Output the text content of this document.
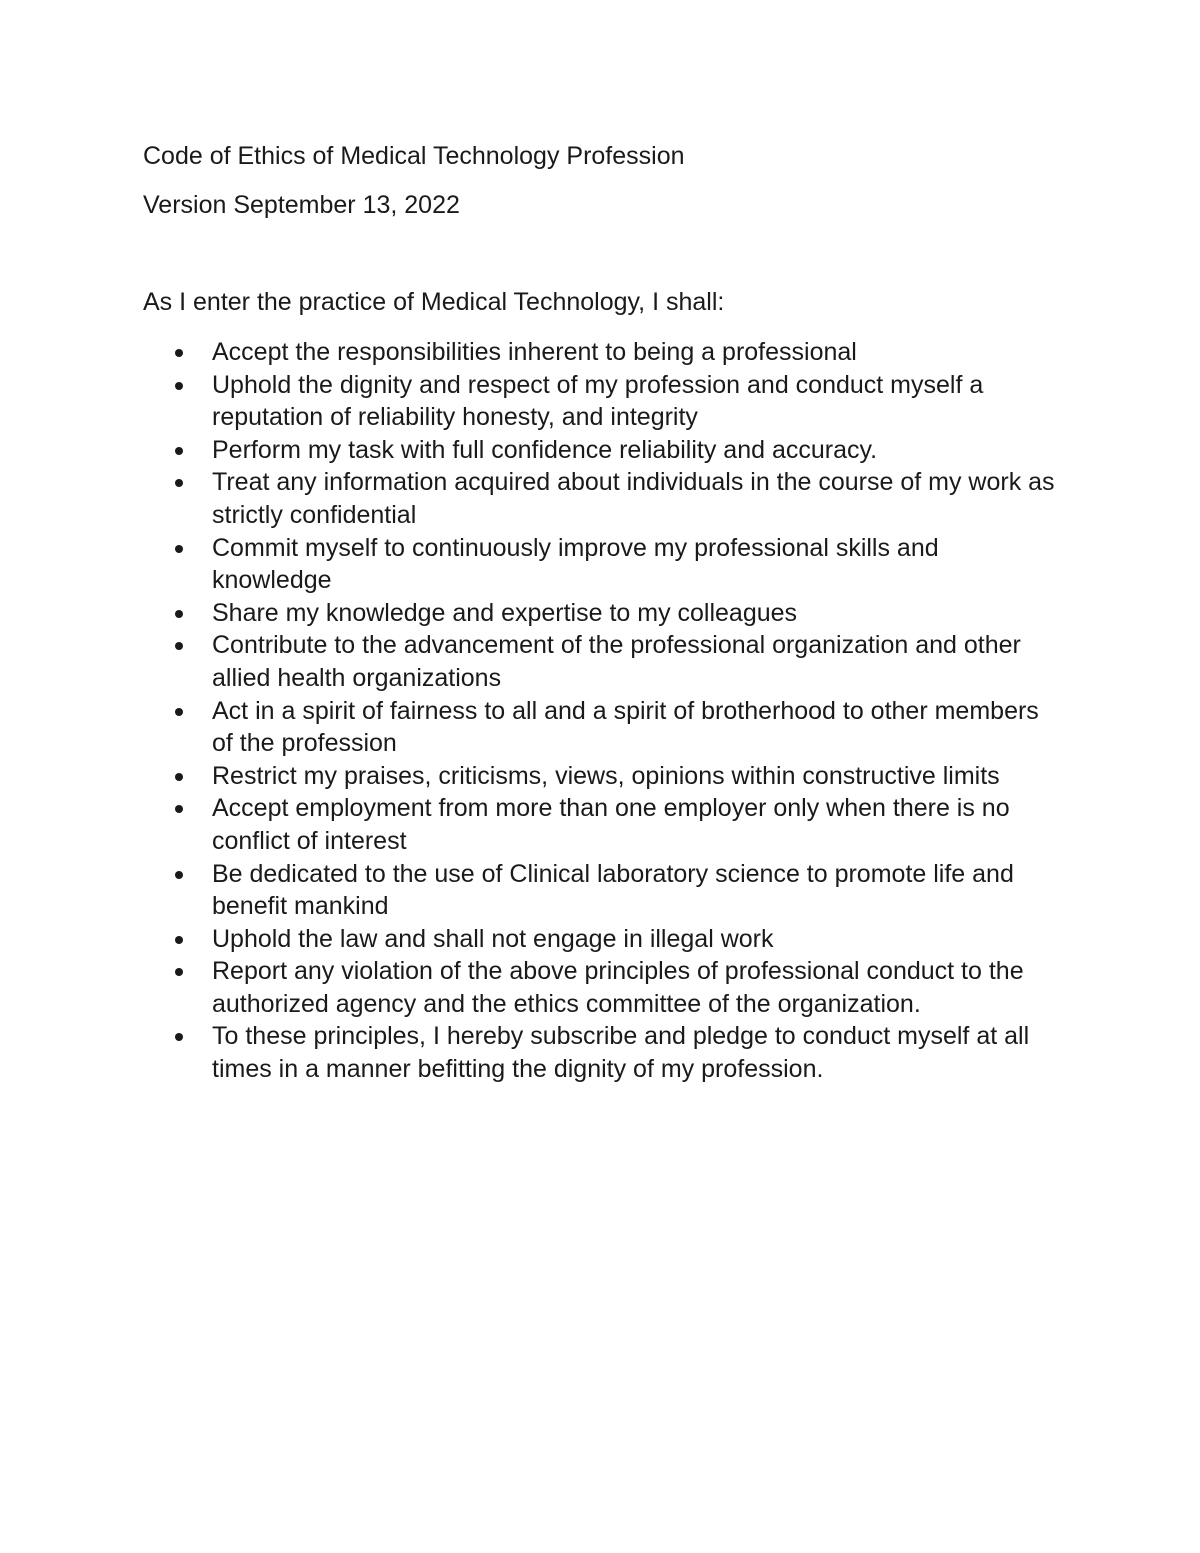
Code of Ethics of Medical Technology Profession

Version September 13, 2022

As I enter the practice of Medical Technology, I shall:

Accept the responsibilities inherent to being a professional
Uphold the dignity and respect of my profession and conduct myself a reputation of reliability honesty, and integrity
Perform my task with full confidence reliability and accuracy.
Treat any information acquired about individuals in the course of my work as strictly confidential
Commit myself to continuously improve my professional skills and knowledge
Share my knowledge and expertise to my colleagues
Contribute to the advancement of the professional organization and other allied health organizations
Act in a spirit of fairness to all and a spirit of brotherhood to other members of the profession
Restrict my praises, criticisms, views, opinions within constructive limits
Accept employment from more than one employer only when there is no conflict of interest
Be dedicated to the use of Clinical laboratory science to promote life and benefit mankind
Uphold the law and shall not engage in illegal work
Report any violation of the above principles of professional conduct to the authorized agency and the ethics committee of the organization.
To these principles, I hereby subscribe and pledge to conduct myself at all times in a manner befitting the dignity of my profession.
